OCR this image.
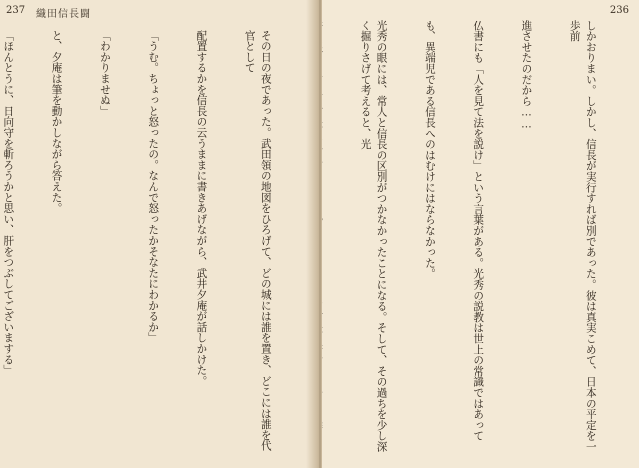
237 織田信長闘

その日の夜であった。武田領の地図をひろげて、どの城には誰を置き、どこには誰を代官として

配置するかを信長の云うままに書きあげながら、武井夕庵が話しかけた。

「うむ。ちょっと怒ったの。なんで怒ったかそなたにわかるか」

「わかりませぬ」

と、夕庵は筆を動かしながら答えた。

「ほんとうに、日向守を斬ろうかと思い、肝をつぶしてございまする」

236

しかおりまい。しかし、信長が実行すれば別であった。彼は真実こめて、日本の平定を一歩前

進させたのだから……

仏書にも「人を見て法を説け」という言葉がある。光秀の説教は世上の常識ではあって

も、異端児である信長へのはむけにはならなかった。

光秀の眼には、常人と信長の区別がつかなかったことになる。そして、その過ちを少し深く掘りさげて考えると、光
